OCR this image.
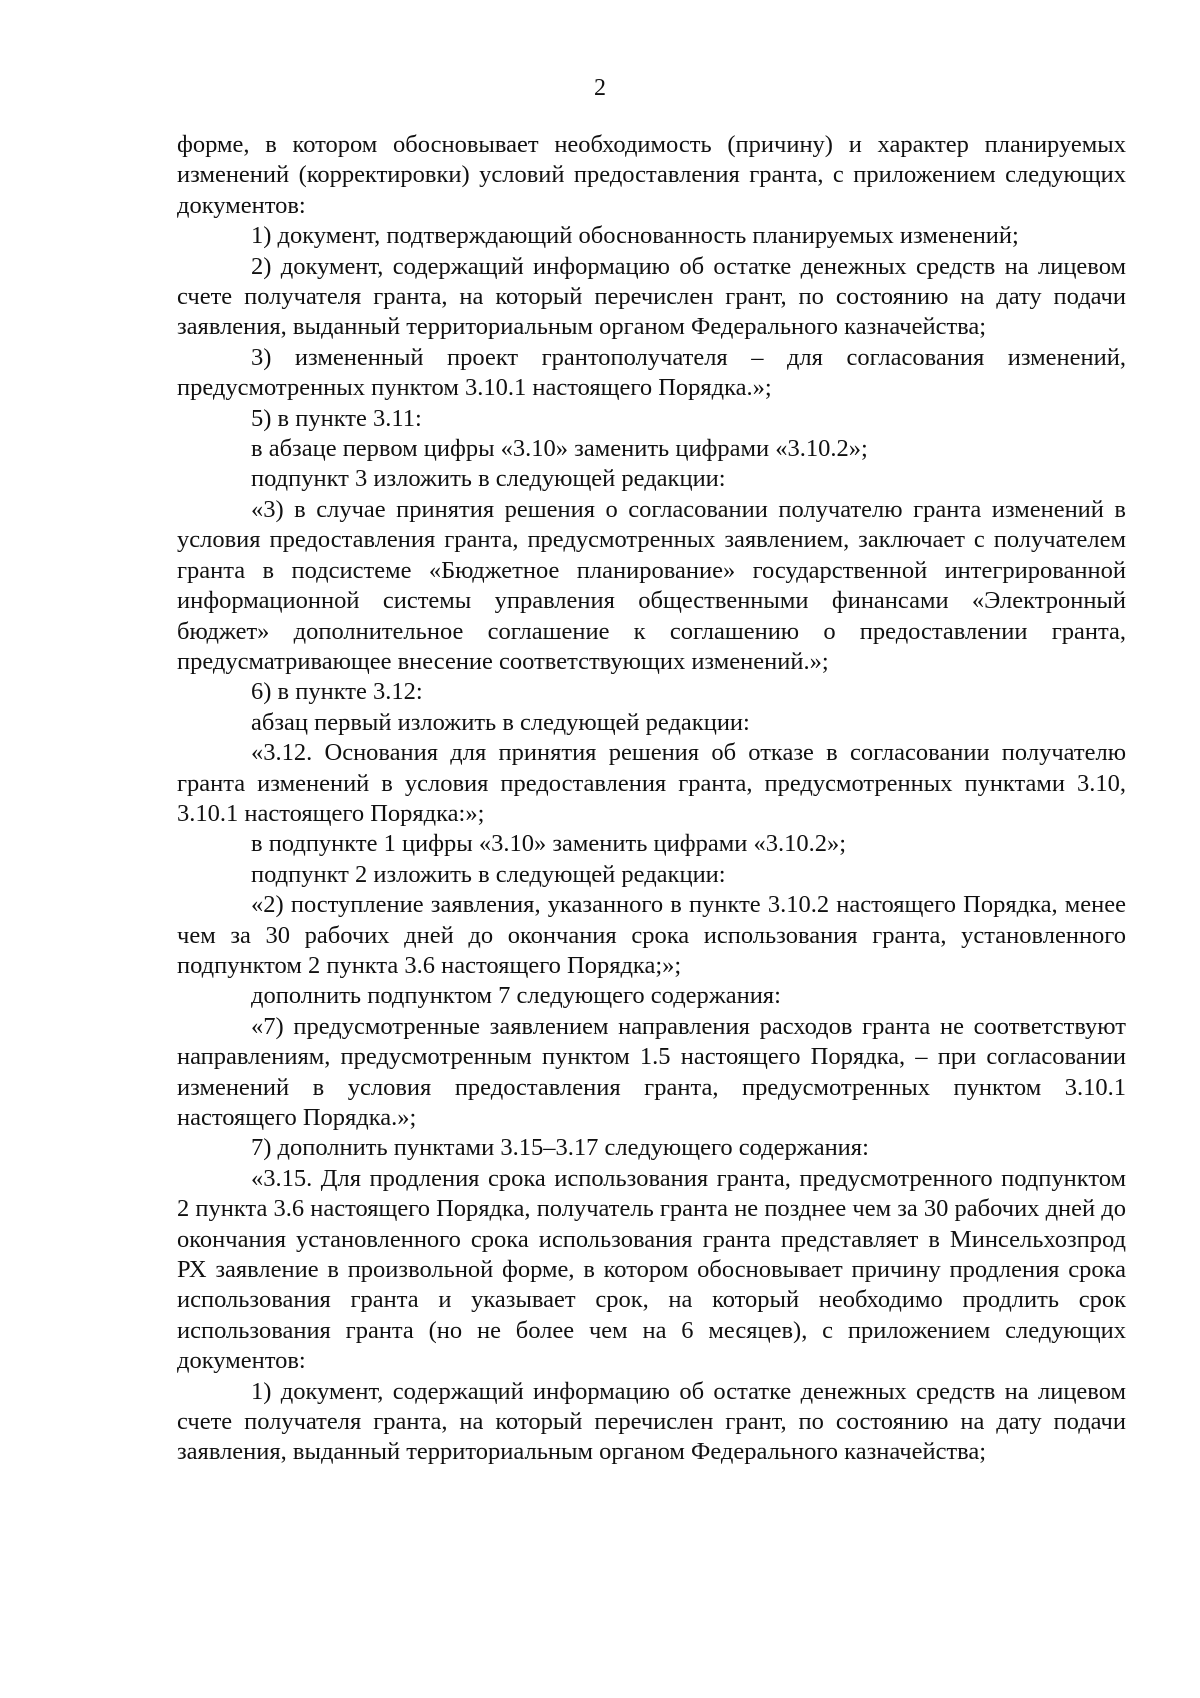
2

форме, в котором обосновывает необходимость (причину) и характер планируемых изменений (корректировки) условий предоставления гранта, с приложением следующих документов:

1) документ, подтверждающий обоснованность планируемых изменений;

2) документ, содержащий информацию об остатке денежных средств на лицевом счете получателя гранта, на который перечислен грант, по состоянию на дату подачи заявления, выданный территориальным органом Федерального казначейства;

3) измененный проект грантополучателя – для согласования изменений, предусмотренных пунктом 3.10.1 настоящего Порядка.»;

5) в пункте 3.11:

в абзаце первом цифры «3.10» заменить цифрами «3.10.2»;

подпункт 3 изложить в следующей редакции:

«3) в случае принятия решения о согласовании получателю гранта изменений в условия предоставления гранта, предусмотренных заявлением, заключает с получателем гранта в подсистеме «Бюджетное планирование» государственной интегрированной информационной системы управления общественными финансами «Электронный бюджет» дополнительное соглашение к соглашению о предоставлении гранта, предусматривающее внесение соответствующих изменений.»;

6) в пункте 3.12:

абзац первый изложить в следующей редакции:

«3.12. Основания для принятия решения об отказе в согласовании получателю гранта изменений в условия предоставления гранта, предусмотренных пунктами 3.10, 3.10.1 настоящего Порядка:»;

в подпункте 1 цифры «3.10» заменить цифрами «3.10.2»;

подпункт 2 изложить в следующей редакции:

«2) поступление заявления, указанного в пункте 3.10.2 настоящего Порядка, менее чем за 30 рабочих дней до окончания срока использования гранта, установленного подпунктом 2 пункта 3.6 настоящего Порядка;»;

дополнить подпунктом 7 следующего содержания:

«7) предусмотренные заявлением направления расходов гранта не соответствуют направлениям, предусмотренным пунктом 1.5 настоящего Порядка, – при согласовании изменений в условия предоставления гранта, предусмотренных пунктом 3.10.1 настоящего Порядка.»;

7) дополнить пунктами 3.15–3.17 следующего содержания:

«3.15. Для продления срока использования гранта, предусмотренного подпунктом 2 пункта 3.6 настоящего Порядка, получатель гранта не позднее чем за 30 рабочих дней до окончания установленного срока использования гранта представляет в Минсельхозпрод РХ заявление в произвольной форме, в котором обосновывает причину продления срока использования гранта и указывает срок, на который необходимо продлить срок использования гранта (но не более чем на 6 месяцев), с приложением следующих документов:

1) документ, содержащий информацию об остатке денежных средств на лицевом счете получателя гранта, на который перечислен грант, по состоянию на дату подачи заявления, выданный территориальным органом Федерального казначейства;
